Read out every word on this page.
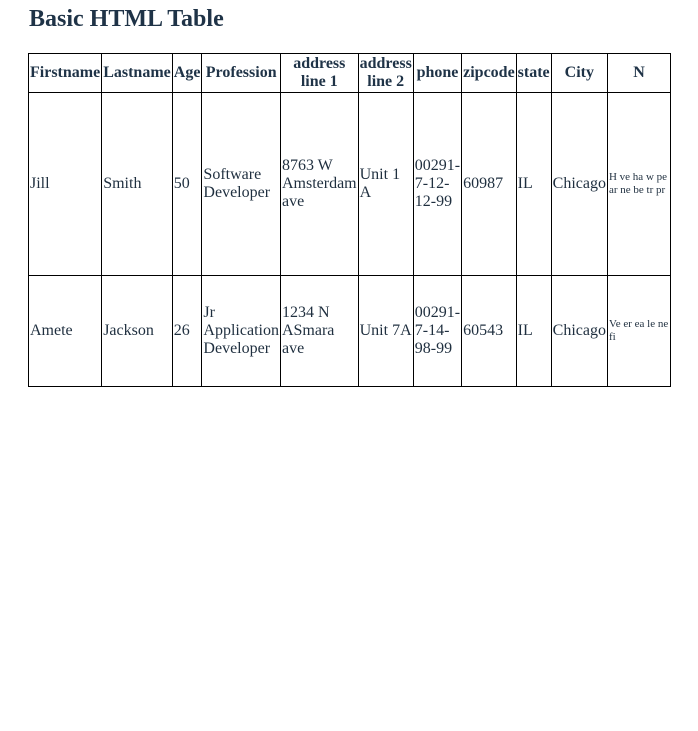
Basic HTML Table
Firstname	Lastname	Age	Profession	address line 1	address line 2	phone	zipcode	state	City	N
Jill	Smith	50	Software Developer	8763 W Amsterdam ave	Unit 1 A	00291-7-12-12-99	60987	IL	Chicago	H ve ha w pe ar ne be tr pr

Amete	Jackson	26	Jr Application Developer	1234 N ASmara ave	Unit 7A	00291-7-14-98-99	60543	IL	Chicago	Ve er ea le ne fi
